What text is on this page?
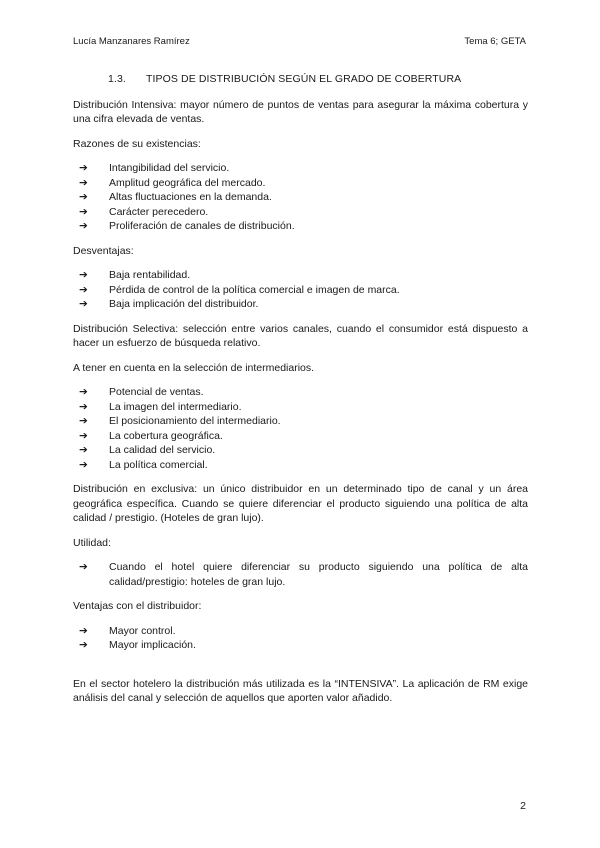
Lucía Manzanares Ramírez	Tema 6; GETA
1.3. TIPOS DE DISTRIBUCIÓN SEGÚN EL GRADO DE COBERTURA

Distribución Intensiva: mayor número de puntos de ventas para asegurar la máxima cobertura y una cifra elevada de ventas.

Razones de su existencias:

➔	Intangibilidad del servicio.
➔	Amplitud geográfica del mercado.
➔	Altas fluctuaciones en la demanda.
➔	Carácter perecedero.
➔	Proliferación de canales de distribución.

Desventajas:

➔	Baja rentabilidad.
➔	Pérdida de control de la política comercial e imagen de marca.
➔	Baja implicación del distribuidor.

Distribución Selectiva: selección entre varios canales, cuando el consumidor está dispuesto a hacer un esfuerzo de búsqueda relativo.

A tener en cuenta en la selección de intermediarios.

➔	Potencial de ventas.
➔	La imagen del intermediario.
➔	El posicionamiento del intermediario.
➔	La cobertura geográfica.
➔	La calidad del servicio.
➔	La política comercial.

Distribución en exclusiva: un único distribuidor en un determinado tipo de canal y un área geográfica específica. Cuando se quiere diferenciar el producto siguiendo una política de alta calidad / prestigio. (Hoteles de gran lujo).

Utilidad:

➔	Cuando el hotel quiere diferenciar su producto siguiendo una política de alta calidad/prestigio: hoteles de gran lujo.

Ventajas con el distribuidor:

➔	Mayor control.
➔	Mayor implicación.

En el sector hotelero la distribución más utilizada es la “INTENSIVA”. La aplicación de RM exige análisis del canal y selección de aquellos que aporten valor añadido.

2
